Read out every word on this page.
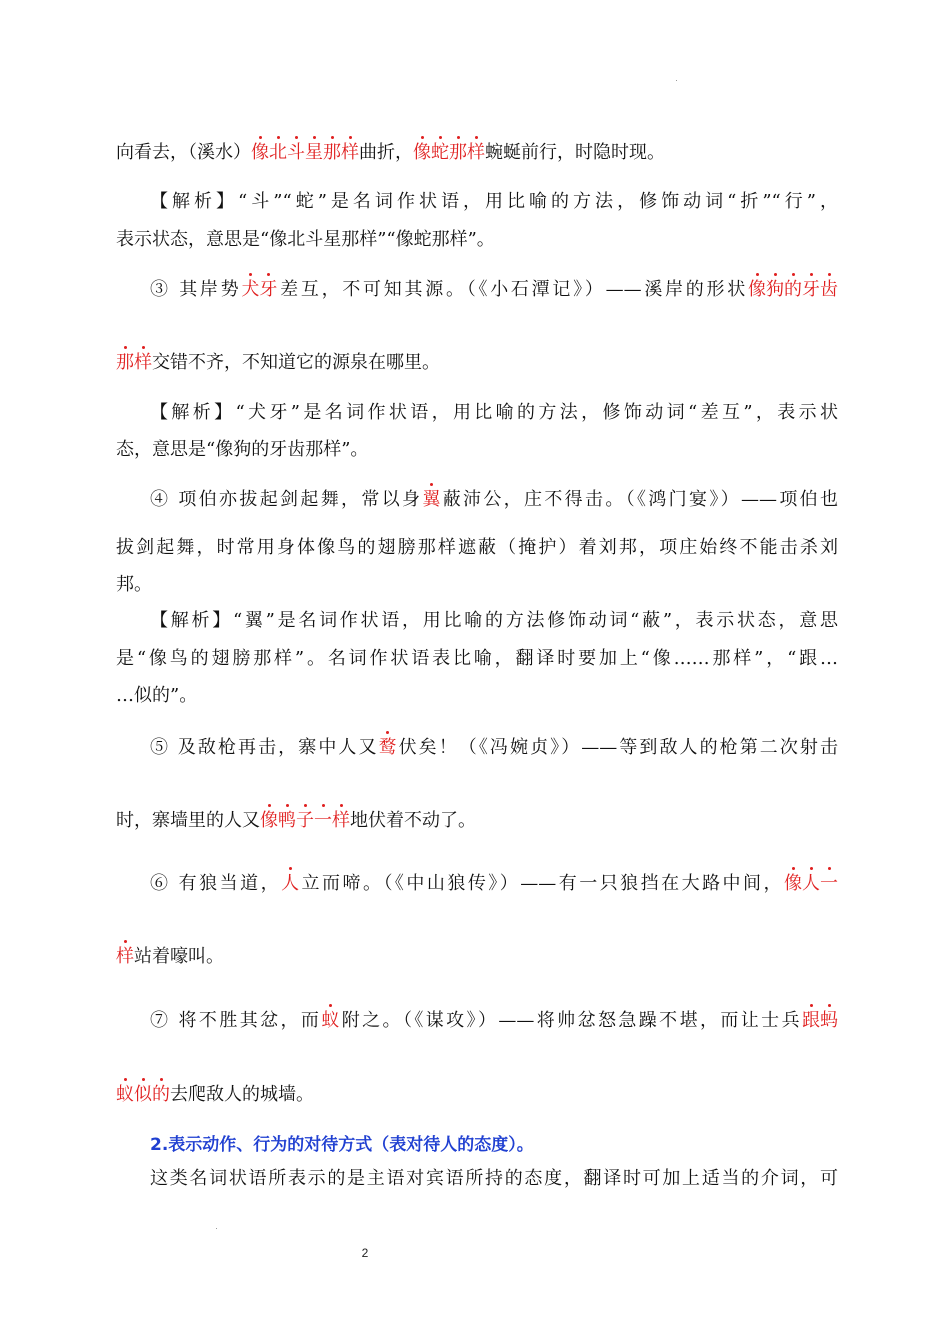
向看去，（溪水）像北斗星那样曲折，像蛇那样蜿蜒前行，时隐时现。
【解析】“斗”“蛇”是名词作状语，用比喻的方法，修饰动词“折”“行”，
表示状态，意思是“像北斗星那样”“像蛇那样”。
③ 其岸势犬牙差互，不可知其源。（《小石潭记》）——溪岸的形状像狗的牙齿
那样交错不齐，不知道它的源泉在哪里。
【解析】“犬牙”是名词作状语，用比喻的方法，修饰动词“差互”，表示状
态，意思是“像狗的牙齿那样”。
④ 项伯亦拔起剑起舞，常以身翼蔽沛公，庄不得击。（《鸿门宴》）——项伯也
拔剑起舞，时常用身体像鸟的翅膀那样遮蔽（掩护）着刘邦，项庄始终不能击杀刘
邦。
【解析】“翼”是名词作状语，用比喻的方法修饰动词“蔽”，表示状态，意思
是“像鸟的翅膀那样”。名词作状语表比喻，翻译时要加上“像……那样”，“跟…
…似的”。
⑤ 及敌枪再击，寨中人又鹜伏矣！（《冯婉贞》）——等到敌人的枪第二次射击
时，寨墙里的人又像鸭子一样地伏着不动了。
⑥ 有狼当道，人立而啼。（《中山狼传》）——有一只狼挡在大路中间，像人一
样站着嚎叫。
⑦ 将不胜其忿，而蚁附之。（《谋攻》）——将帅忿怒急躁不堪，而让士兵跟蚂
蚁似的去爬敌人的城墙。
2.表示动作、行为的对待方式（表对待人的态度）。
这类名词状语所表示的是主语对宾语所持的态度，翻译时可加上适当的介词，可
2
